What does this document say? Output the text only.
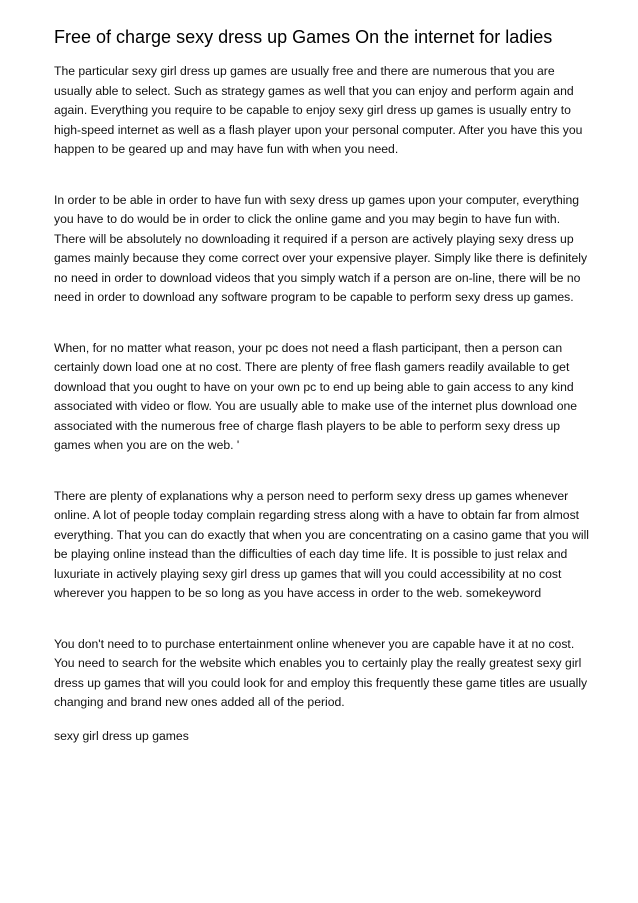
Free of charge sexy dress up Games On the internet for ladies

The particular sexy girl dress up games are usually free and there are numerous that you are usually able to select. Such as strategy games as well that you can enjoy and perform again and again. Everything you require to be capable to enjoy sexy girl dress up games is usually entry to high-speed internet as well as a flash player upon your personal computer. After you have this you happen to be geared up and may have fun with when you need.

In order to be able in order to have fun with sexy dress up games upon your computer, everything you have to do would be in order to click the online game and you may begin to have fun with. There will be absolutely no downloading it required if a person are actively playing sexy dress up games mainly because they come correct over your expensive player. Simply like there is definitely no need in order to download videos that you simply watch if a person are on-line, there will be no need in order to download any software program to be capable to perform sexy dress up games.

When, for no matter what reason, your pc does not need a flash participant, then a person can certainly down load one at no cost. There are plenty of free flash gamers readily available to get download that you ought to have on your own pc to end up being able to gain access to any kind associated with video or flow. You are usually able to make use of the internet plus download one associated with the numerous free of charge flash players to be able to perform sexy dress up games when you are on the web. '

There are plenty of explanations why a person need to perform sexy dress up games whenever online. A lot of people today complain regarding stress along with a have to obtain far from almost everything. That you can do exactly that when you are concentrating on a casino game that you will be playing online instead than the difficulties of each day time life. It is possible to just relax and luxuriate in actively playing sexy girl dress up games that will you could accessibility at no cost wherever you happen to be so long as you have access in order to the web. somekeyword

You don't need to to purchase entertainment online whenever you are capable have it at no cost. You need to search for the website which enables you to certainly play the really greatest sexy girl dress up games that will you could look for and employ this frequently these game titles are usually changing and brand new ones added all of the period.

sexy girl dress up games
